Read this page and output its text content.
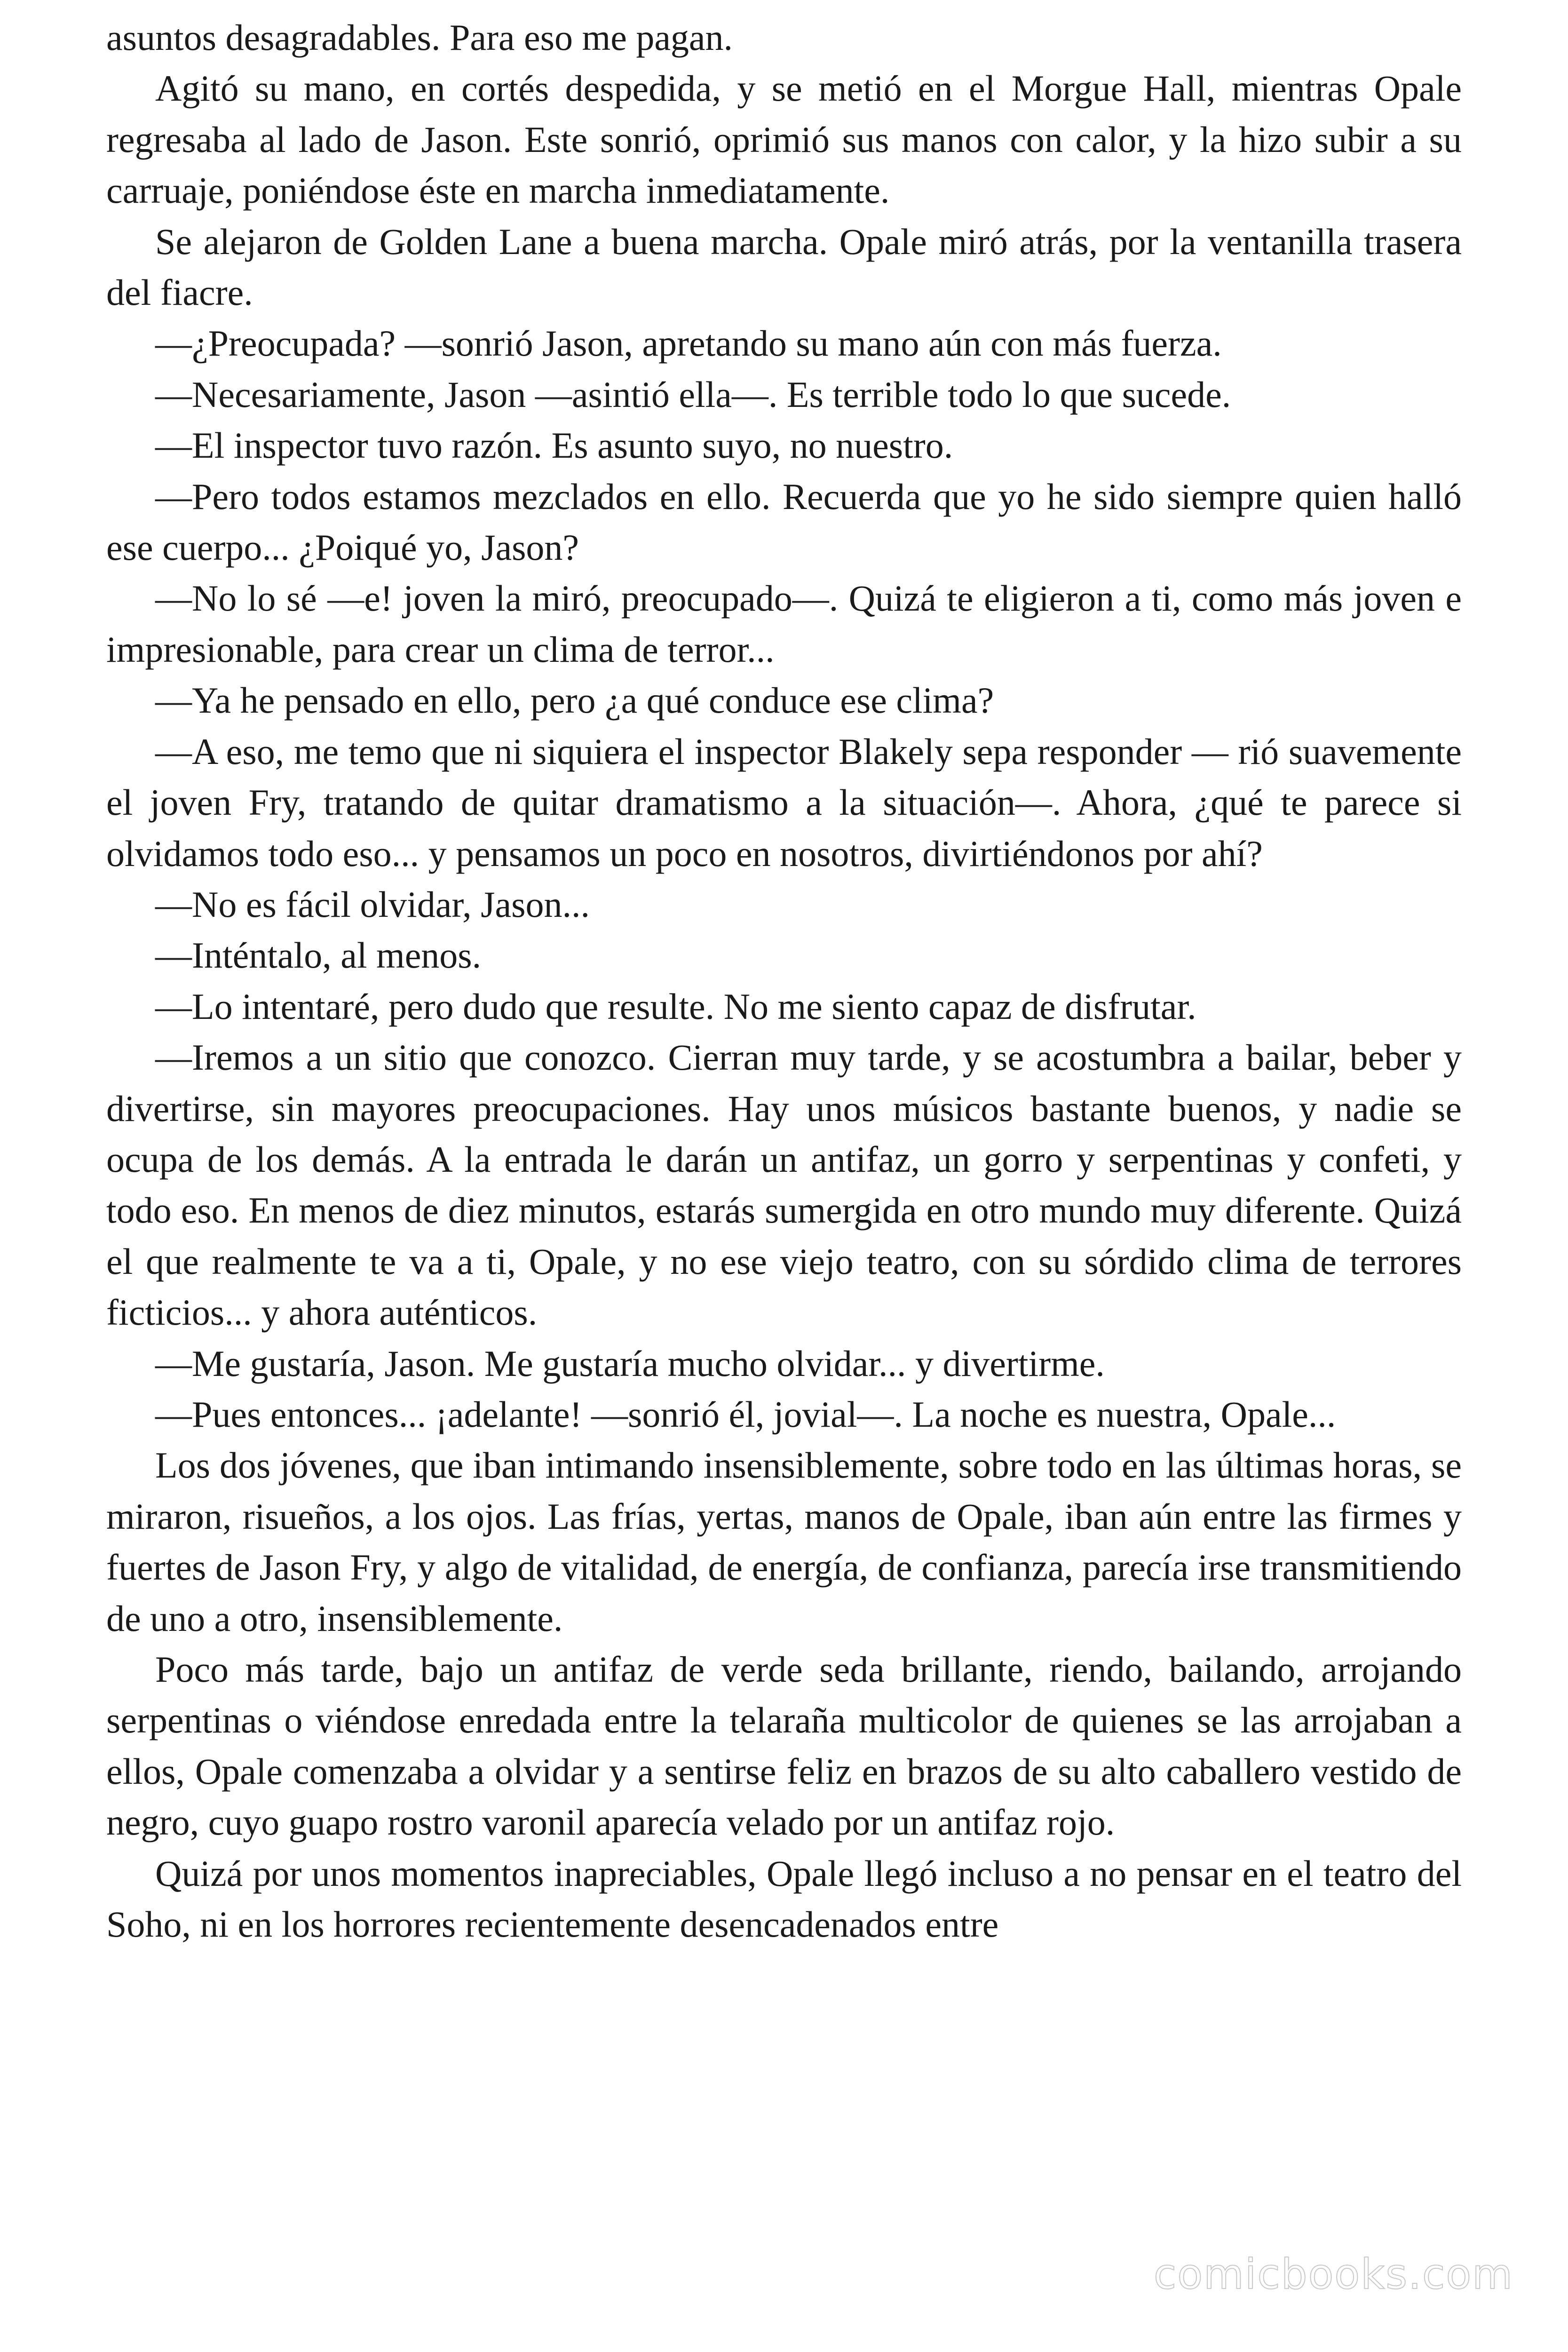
asuntos desagradables. Para eso me pagan.

Agitó su mano, en cortés despedida, y se metió en el Morgue Hall, mientras Opale regresaba al lado de Jason. Este sonrió, oprimió sus manos con calor, y la hizo subir a su carruaje, poniéndose éste en marcha inmediatamente.

Se alejaron de Golden Lane a buena marcha. Opale miró atrás, por la ventanilla trasera del fiacre.

—¿Preocupada? —sonrió Jason, apretando su mano aún con más fuerza.

—Necesariamente, Jason —asintió ella—. Es terrible todo lo que sucede.

—El inspector tuvo razón. Es asunto suyo, no nuestro.

—Pero todos estamos mezclados en ello. Recuerda que yo he sido siempre quien halló ese cuerpo... ¿Poiqué yo, Jason?

—No lo sé —e! joven la miró, preocupado—. Quizá te eligieron a ti, como más joven e impresionable, para crear un clima de terror...

—Ya he pensado en ello, pero ¿a qué conduce ese clima?

—A eso, me temo que ni siquiera el inspector Blakely sepa responder — rió suavemente el joven Fry, tratando de quitar dramatismo a la situación—. Ahora, ¿qué te parece si olvidamos todo eso... y pensamos un poco en nosotros, divirtiéndonos por ahí?

—No es fácil olvidar, Jason...

—Inténtalo, al menos.

—Lo intentaré, pero dudo que resulte. No me siento capaz de disfrutar.

—Iremos a un sitio que conozco. Cierran muy tarde, y se acostumbra a bailar, beber y divertirse, sin mayores preocupaciones. Hay unos músicos bastante buenos, y nadie se ocupa de los demás. A la entrada le darán un antifaz, un gorro y serpentinas y confeti, y todo eso. En menos de diez minutos, estarás sumergida en otro mundo muy diferente. Quizá el que realmente te va a ti, Opale, y no ese viejo teatro, con su sórdido clima de terrores ficticios... y ahora auténticos.

—Me gustaría, Jason. Me gustaría mucho olvidar... y divertirme.

—Pues entonces... ¡adelante! —sonrió él, jovial—. La noche es nuestra, Opale...

Los dos jóvenes, que iban intimando insensiblemente, sobre todo en las últimas horas, se miraron, risueños, a los ojos. Las frías, yertas, manos de Opale, iban aún entre las firmes y fuertes de Jason Fry, y algo de vitalidad, de energía, de confianza, parecía irse transmitiendo de uno a otro, insensiblemente.

Poco más tarde, bajo un antifaz de verde seda brillante, riendo, bailando, arrojando serpentinas o viéndose enredada entre la telaraña multicolor de quienes se las arrojaban a ellos, Opale comenzaba a olvidar y a sentirse feliz en brazos de su alto caballero vestido de negro, cuyo guapo rostro varonil aparecía velado por un antifaz rojo.

Quizá por unos momentos inapreciables, Opale llegó incluso a no pensar en el teatro del Soho, ni en los horrores recientemente desencadenados entre

comicbooks.com
